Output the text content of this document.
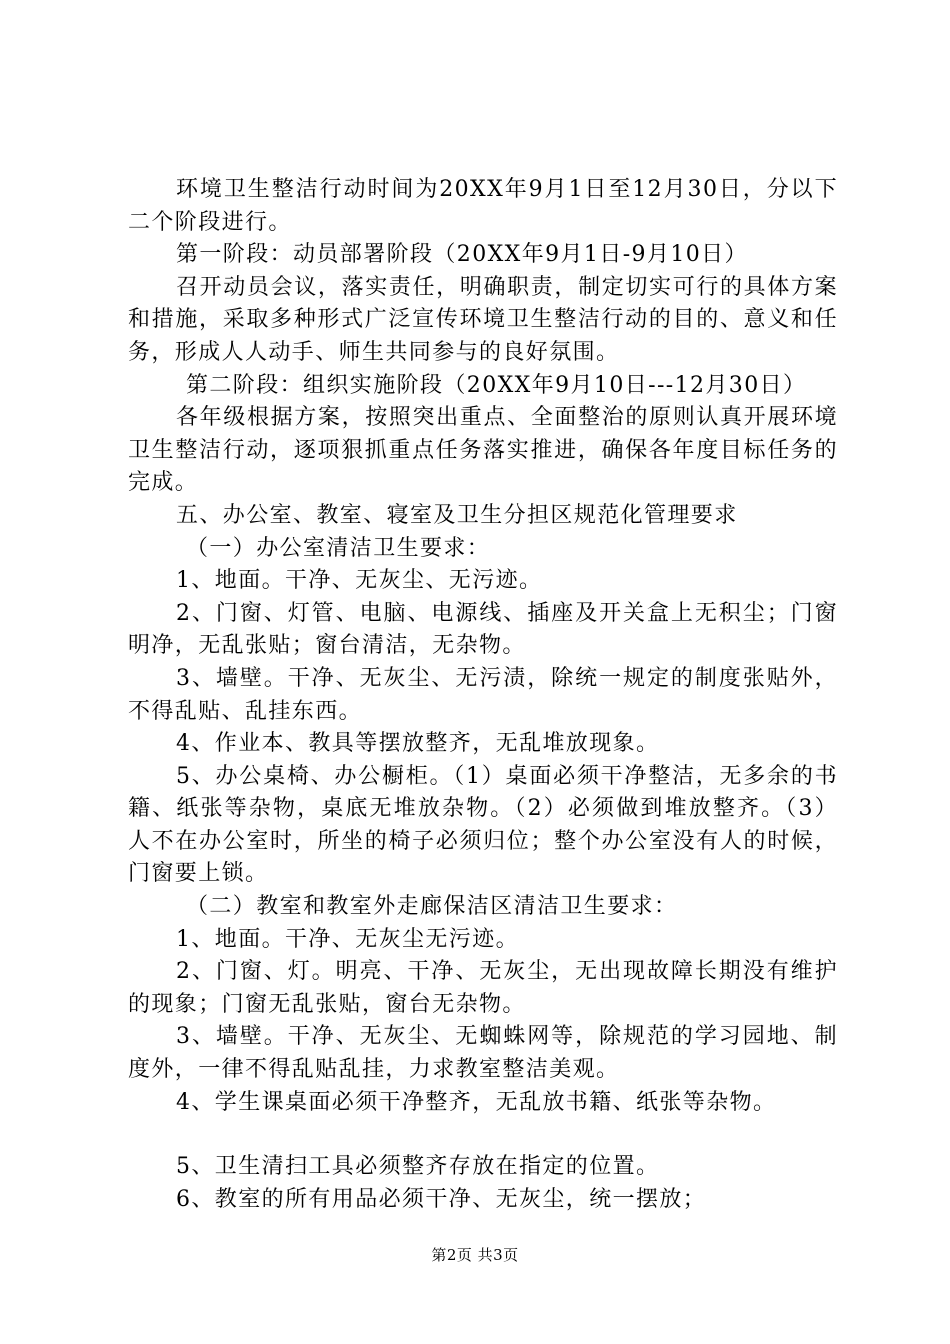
环境卫生整洁行动时间为20XX年9月1日至12月30日，分以下二个阶段进行。

第一阶段：动员部署阶段（20XX年9月1日-9月10日）

召开动员会议，落实责任，明确职责，制定切实可行的具体方案和措施，采取多种形式广泛宣传环境卫生整洁行动的目的、意义和任务，形成人人动手、师生共同参与的良好氛围。

第二阶段：组织实施阶段（20XX年9月10日---12月30日）

各年级根据方案，按照突出重点、全面整治的原则认真开展环境卫生整洁行动，逐项狠抓重点任务落实推进，确保各年度目标任务的完成。

五、办公室、教室、寝室及卫生分担区规范化管理要求

（一）办公室清洁卫生要求：

1、地面。干净、无灰尘、无污迹。

2、门窗、灯管、电脑、电源线、插座及开关盒上无积尘；门窗明净，无乱张贴；窗台清洁，无杂物。

3、墙壁。干净、无灰尘、无污渍，除统一规定的制度张贴外，不得乱贴、乱挂东西。

4、作业本、教具等摆放整齐，无乱堆放现象。

5、办公桌椅、办公橱柜。（1）桌面必须干净整洁，无多余的书籍、纸张等杂物，桌底无堆放杂物。（2）必须做到堆放整齐。（3）人不在办公室时，所坐的椅子必须归位；整个办公室没有人的时候，门窗要上锁。

（二）教室和教室外走廊保洁区清洁卫生要求：

1、地面。干净、无灰尘无污迹。

2、门窗、灯。明亮、干净、无灰尘，无出现故障长期没有维护的现象；门窗无乱张贴，窗台无杂物。

3、墙壁。干净、无灰尘、无蜘蛛网等，除规范的学习园地、制度外，一律不得乱贴乱挂，力求教室整洁美观。

4、学生课桌面必须干净整齐，无乱放书籍、纸张等杂物。

5、卫生清扫工具必须整齐存放在指定的位置。

6、教室的所有用品必须干净、无灰尘，统一摆放；

第2页 共3页
